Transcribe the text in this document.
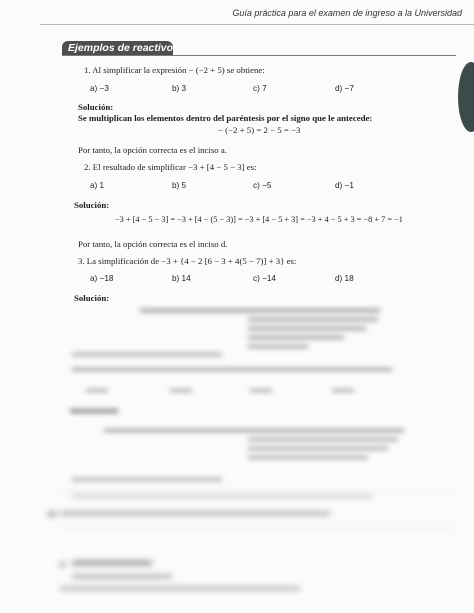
Guía práctica para el examen de ingreso a la Universidad
Ejemplos de reactivos
1. Al simplificar la expresión − (−2 + 5) se obtiene:
a) −3	b) 3	c) 7	d) −7
Solución:
Se multiplican los elementos dentro del paréntesis por el signo que le antecede:
− (−2 + 5) = 2 − 5 = −3
Por tanto, la opción correcta es el inciso a.
2. El resultado de simplificar −3 + [4 − 5 − 3] es:
a) 1	b) 5	c) −5	d) −1
Solución:
−3 + [4 − 5 − 3] = −3 + [4 − (5 − 3)] = −3 + [4 − 5 + 3] = −3 + 4 − 5 + 3 = −8 + 7 = −1
Por tanto, la opción correcta es el inciso d.
3. La simplificación de −3 + {4 − 2 [6 − 3 + 4(5 − 7)] + 3} es:
a) −18	b) 14	c) −14	d) 18
Solución:
